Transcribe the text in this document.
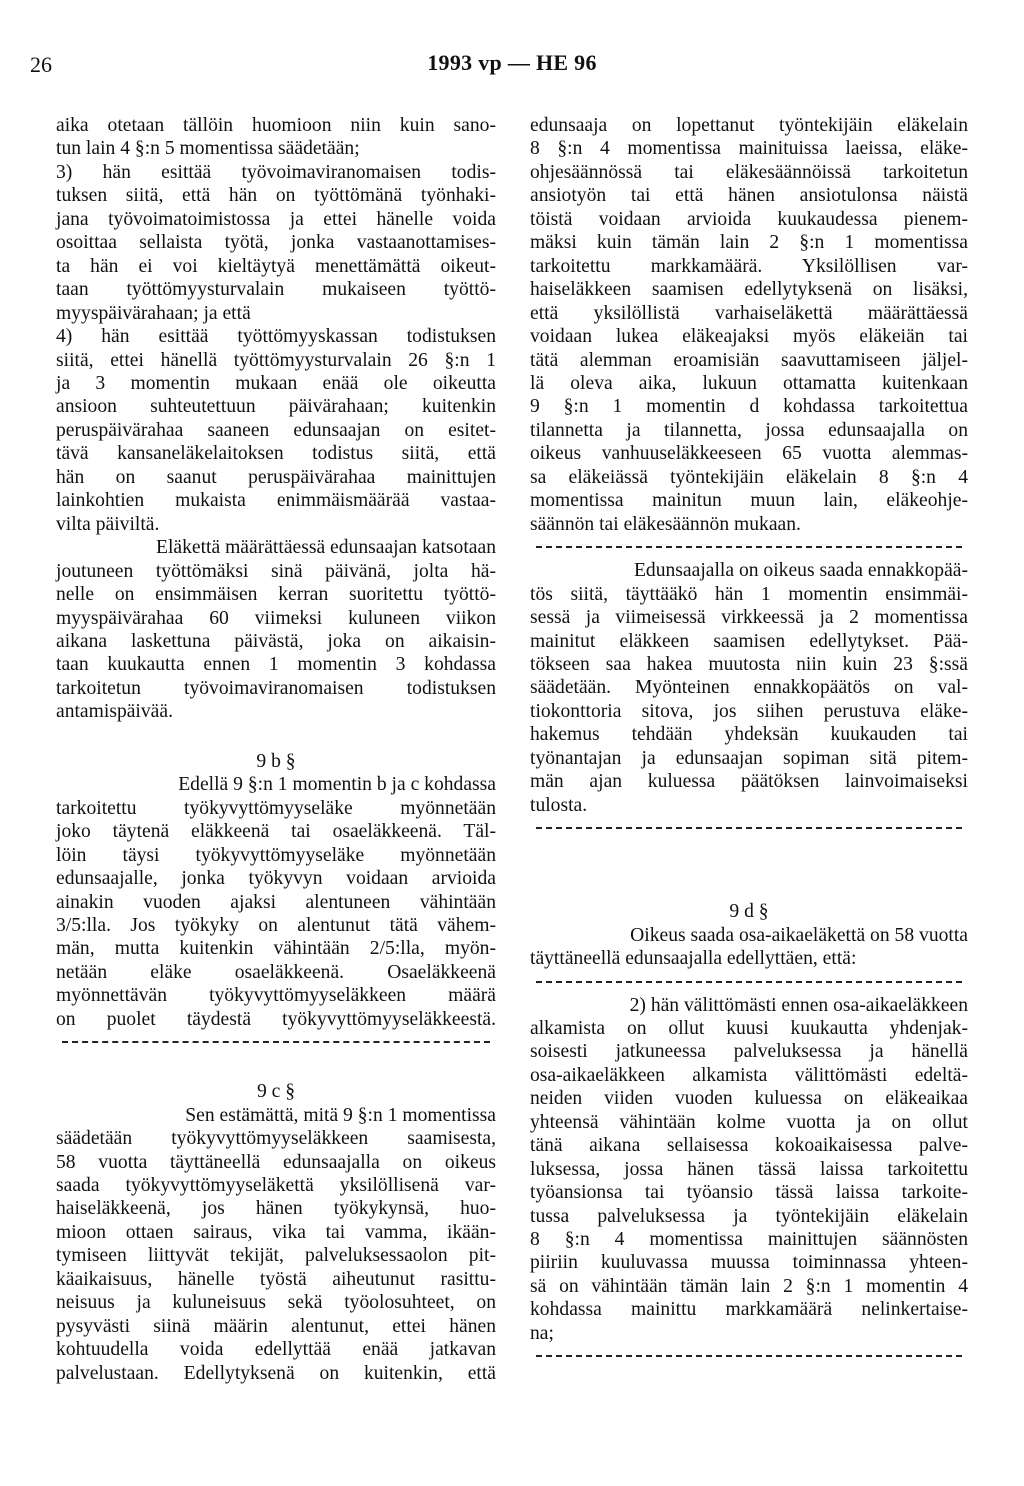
26	1993 vp — HE 96
aika otetaan tällöin huomioon niin kuin sano-
tun lain 4 §:n 5 momentissa säädetään;
3) hän esittää työvoimaviranomaisen todis-
tuksen siitä, että hän on työttömänä työnhaki-
jana työvoimatoimistossa ja ettei hänelle voida
osoittaa sellaista työtä, jonka vastaanottamises-
ta hän ei voi kieltäytyä menettämättä oikeut-
taan työttömyysturvalain mukaiseen työttö-
myyspäivärahaan; ja että
4) hän esittää työttömyyskassan todistuksen
siitä, ettei hänellä työttömyysturvalain 26 §:n 1
ja 3 momentin mukaan enää ole oikeutta
ansioon suhteutettuun päivärahaan; kuitenkin
peruspäivärahaa saaneen edunsaajan on esitet-
tävä kansaneläkelaitoksen todistus siitä, että
hän on saanut peruspäivärahaa mainittujen
lainkohtien mukaista enimmäismäärää vastaa-
vilta päiviltä.
Eläkettä määrättäessä edunsaajan katsotaan
joutuneen työttömäksi sinä päivänä, jolta hä-
nelle on ensimmäisen kerran suoritettu työttö-
myyspäivärahaa 60 viimeksi kuluneen viikon
aikana laskettuna päivästä, joka on aikaisin-
taan kuukautta ennen 1 momentin 3 kohdassa
tarkoitetun työvoimaviranomaisen todistuksen
antamispäivää.
9 b §
Edellä 9 §:n 1 momentin b ja c kohdassa
tarkoitettu työkyvyttömyyseläke myönnetään
joko täytenä eläkkeenä tai osaeläkkeenä. Täl-
löin täysi työkyvyttömyyseläke myönnetään
edunsaajalle, jonka työkyvyn voidaan arvioida
ainakin vuoden ajaksi alentuneen vähintään
3/5:lla. Jos työkyky on alentunut tätä vähem-
män, mutta kuitenkin vähintään 2/5:lla, myön-
netään eläke osaeläkkeenä. Osaeläkkeenä
myönnettävän työkyvyttömyyseläkkeen määrä
on puolet täydestä työkyvyttömyyseläkkeestä.
9 c §
Sen estämättä, mitä 9 §:n 1 momentissa
säädetään työkyvyttömyyseläkkeen saamisesta,
58 vuotta täyttäneellä edunsaajalla on oikeus
saada työkyvyttömyyseläkettä yksilöllisenä var-
haiseläkkeenä, jos hänen työkykynsä, huo-
mioon ottaen sairaus, vika tai vamma, ikään-
tymiseen liittyvät tekijät, palveluksessaolon pit-
käaikaisuus, hänelle työstä aiheutunut rasittu-
neisuus ja kuluneisuus sekä työolosuhteet, on
pysyvästi siinä määrin alentunut, ettei hänen
kohtuudella voida edellyttää enää jatkavan
palvelustaan. Edellytyksenä on kuitenkin, että
edunsaaja on lopettanut työntekijäin eläkelain
8 §:n 4 momentissa mainituissa laeissa, eläke-
ohjesäännössä tai eläkesäännöissä tarkoitetun
ansiotyön tai että hänen ansiotulonsa näistä
töistä voidaan arvioida kuukaudessa pienem-
mäksi kuin tämän lain 2 §:n 1 momentissa
tarkoitettu markkamäärä. Yksilöllisen var-
haiseläkkeen saamisen edellytyksenä on lisäksi,
että yksilöllistä varhaiseläkettä määrättäessä
voidaan lukea eläkeajaksi myös eläkeiän tai
tätä alemman eroamisiän saavuttamiseen jäljel-
lä oleva aika, lukuun ottamatta kuitenkaan
9 §:n 1 momentin d kohdassa tarkoitettua
tilannetta ja tilannetta, jossa edunsaajalla on
oikeus vanhuuseläkkeeseen 65 vuotta alemmas-
sa eläkeiässä työntekijäin eläkelain 8 §:n 4
momentissa mainitun muun lain, eläkeohje-
säännön tai eläkesäännön mukaan.
Edunsaajalla on oikeus saada ennakkopää-
tös siitä, täyttääkö hän 1 momentin ensimmäi-
sessä ja viimeisessä virkkeessä ja 2 momentissa
mainitut eläkkeen saamisen edellytykset. Pää-
tökseen saa hakea muutosta niin kuin 23 §:ssä
säädetään. Myönteinen ennakkopäätös on val-
tiokonttoria sitova, jos siihen perustuva eläke-
hakemus tehdään yhdeksän kuukauden tai
työnantajan ja edunsaajan sopiman sitä pitem-
män ajan kuluessa päätöksen lainvoimaiseksi
tulosta.
9 d §
Oikeus saada osa-aikaeläkettä on 58 vuotta
täyttäneellä edunsaajalla edellyttäen, että:
2) hän välittömästi ennen osa-aikaeläkkeen
alkamista on ollut kuusi kuukautta yhdenjak-
soisesti jatkuneessa palveluksessa ja hänellä
osa-aikaeläkkeen alkamista välittömästi edeltä-
neiden viiden vuoden kuluessa on eläkeaikaa
yhteensä vähintään kolme vuotta ja on ollut
tänä aikana sellaisessa kokoaikaisessa palve-
luksessa, jossa hänen tässä laissa tarkoitettu
työansionsa tai työansio tässä laissa tarkoite-
tussa palveluksessa ja työntekijäin eläkelain
8 §:n 4 momentissa mainittujen säännösten
piiriin kuuluvassa muussa toiminnassa yhteen-
sä on vähintään tämän lain 2 §:n 1 momentin 4
kohdassa mainittu markkamäärä nelinkertaise-
na;
